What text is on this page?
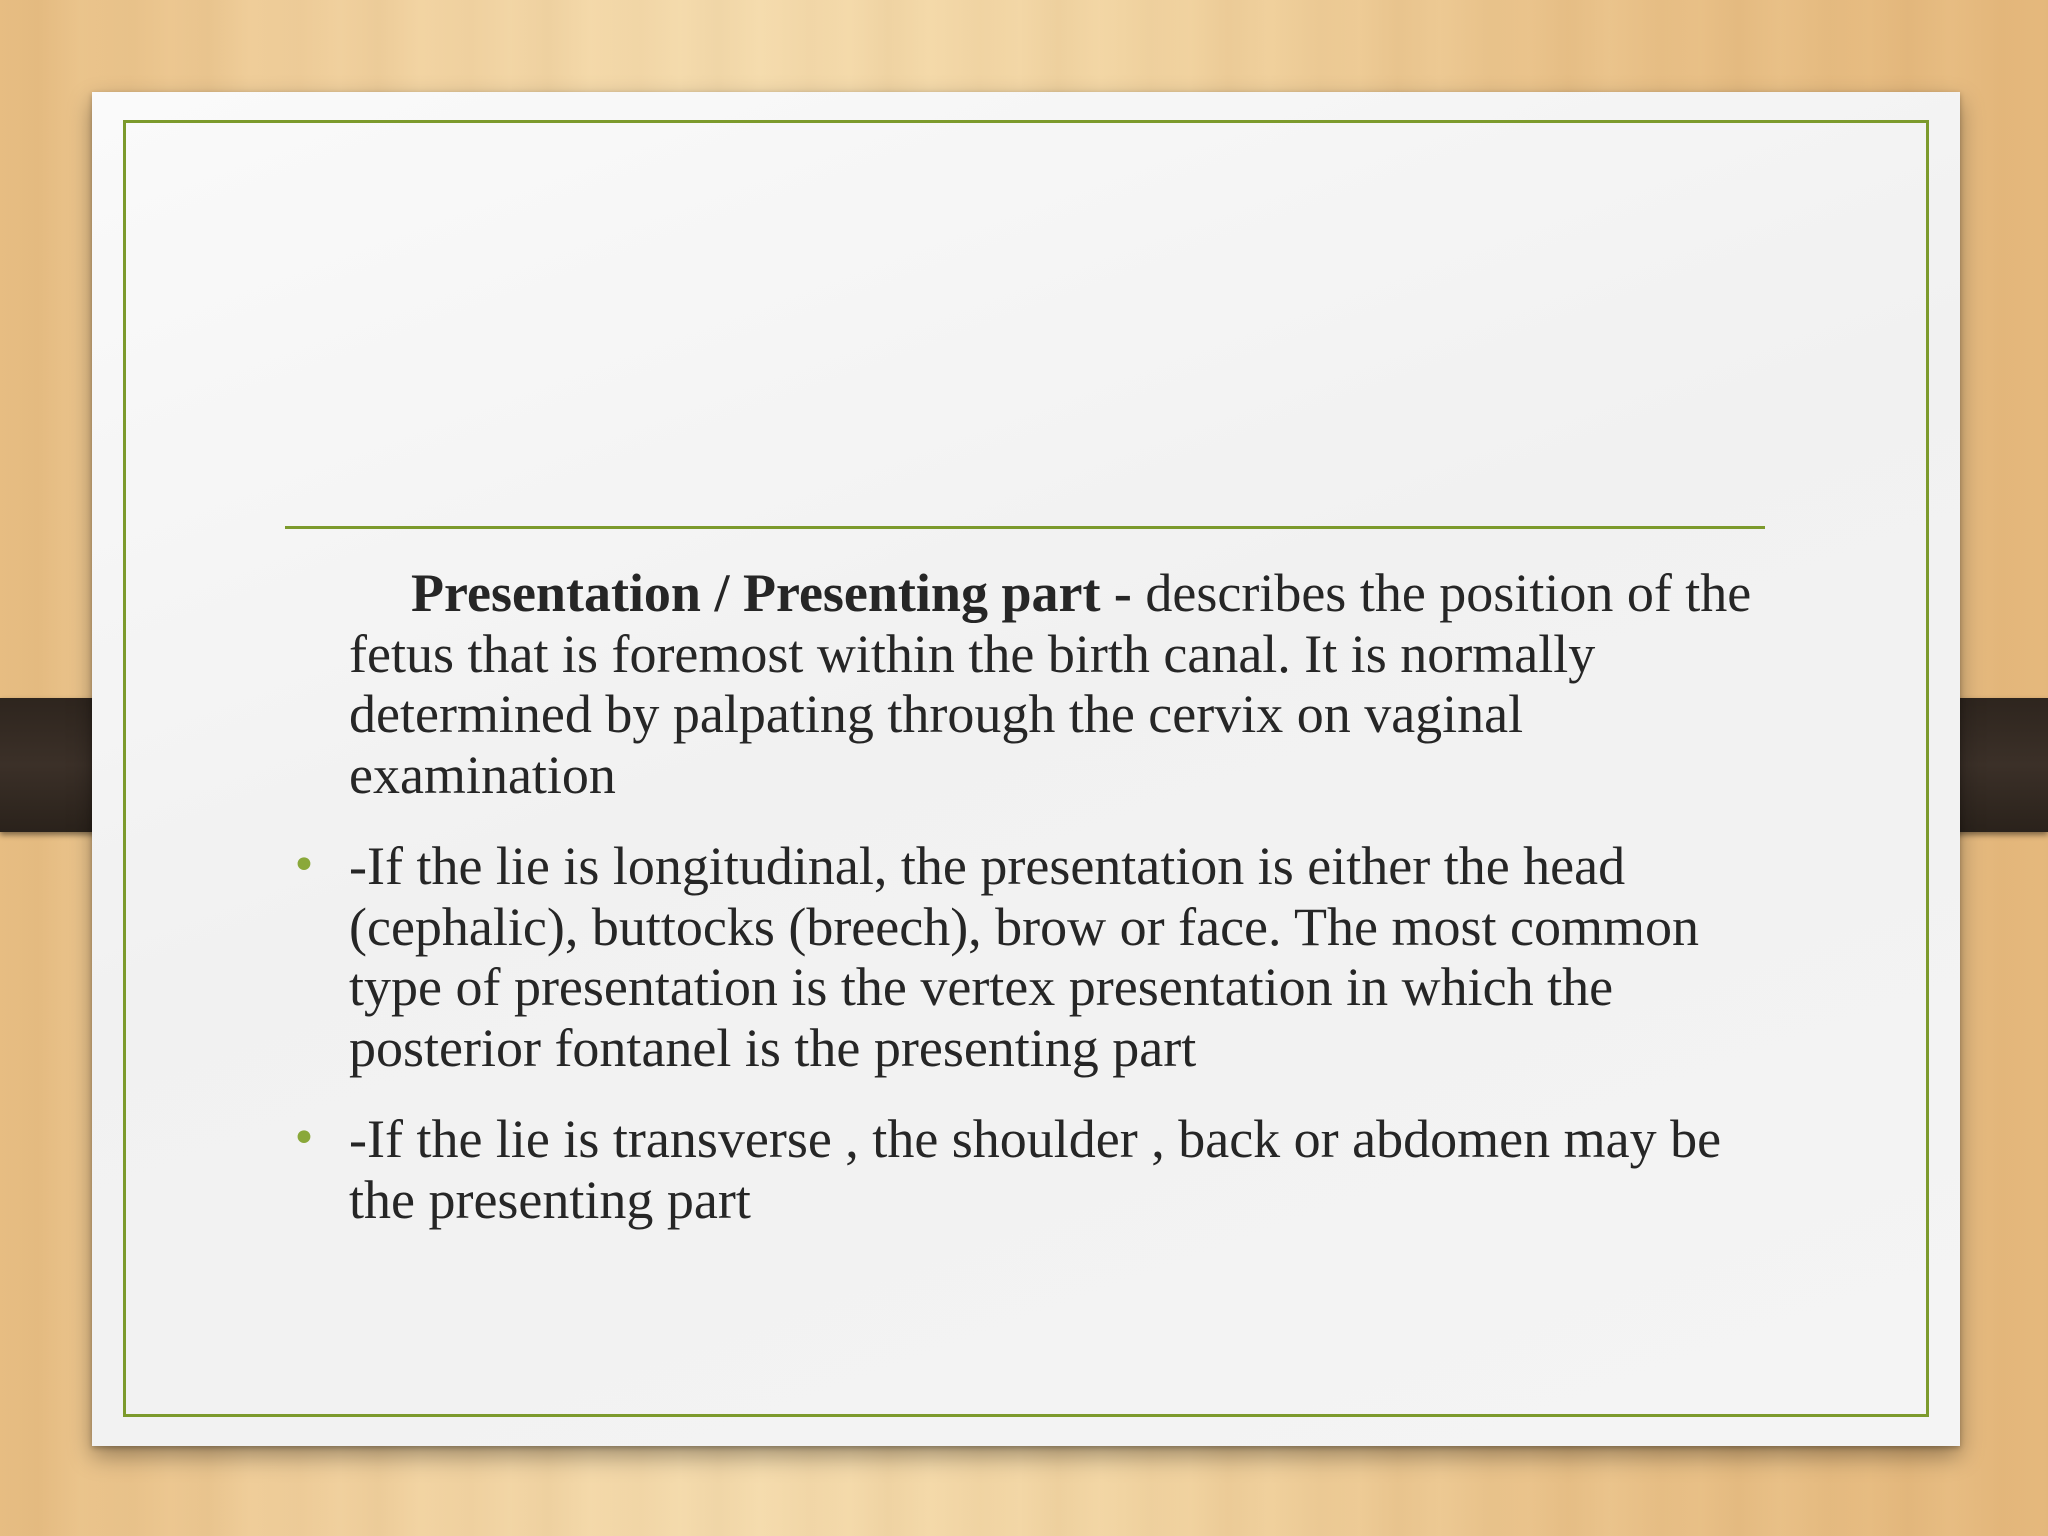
Presentation / Presenting part - describes the position of the fetus that is foremost within the birth canal. It is normally determined by palpating through the cervix on vaginal examination

• -If the lie is longitudinal, the presentation is either the head (cephalic), buttocks (breech), brow or face. The most common type of presentation is the vertex presentation in which the posterior fontanel is the presenting part
• -If the lie is transverse , the shoulder , back or abdomen may be the presenting part
